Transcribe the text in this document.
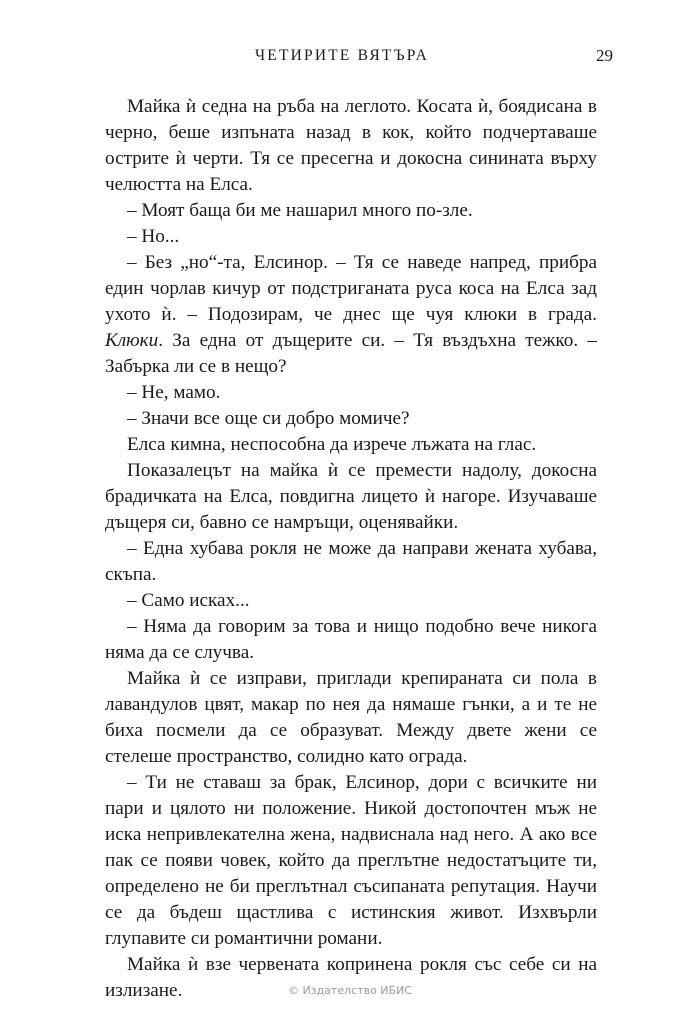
ЧЕТИРИТЕ ВЯТЪРА	29

Майка ѝ седна на ръба на леглото. Косата ѝ, боядисана в черно, беше изпъната назад в кок, който подчертаваше острите ѝ черти. Тя се пресегна и докосна синината върху челюстта на Елса.

– Моят баща би ме нашарил много по-зле.

– Но...

– Без „но“-та, Елсинор. – Тя се наведе напред, прибра един чорлав кичур от подстриганата руса коса на Елса зад ухото ѝ. – Подозирам, че днес ще чуя клюки в града. Клюки. За една от дъщерите си. – Тя въздъхна тежко. – Забърка ли се в нещо?

– Не, мамо.

– Значи все още си добро момиче?

Елса кимна, неспособна да изрече лъжата на глас.

Показалецът на майка ѝ се премести надолу, докосна брадичката на Елса, повдигна лицето ѝ нагоре. Изучаваше дъщеря си, бавно се намръщи, оценявайки.

– Една хубава рокля не може да направи жената хубава, скъпа.

– Само исках...

– Няма да говорим за това и нищо подобно вече никога няма да се случва.

Майка ѝ се изправи, приглади крепираната си пола в лавандулов цвят, макар по нея да нямаше гънки, а и те не биха посмели да се образуват. Между двете жени се стелеше пространство, солидно като ограда.

– Ти не ставаш за брак, Елсинор, дори с всичките ни пари и цялото ни положение. Никой достопочтен мъж не иска непривлекателна жена, надвиснала над него. А ако все пак се появи човек, който да преглътне недостатъците ти, определено не би преглътнал съсипаната репутация. Научи се да бъдеш щастлива с истинския живот. Изхвърли глупавите си романтични романи.

Майка ѝ взе червената копринена рокля със себе си на излизане.	© Издателство ИБИС
